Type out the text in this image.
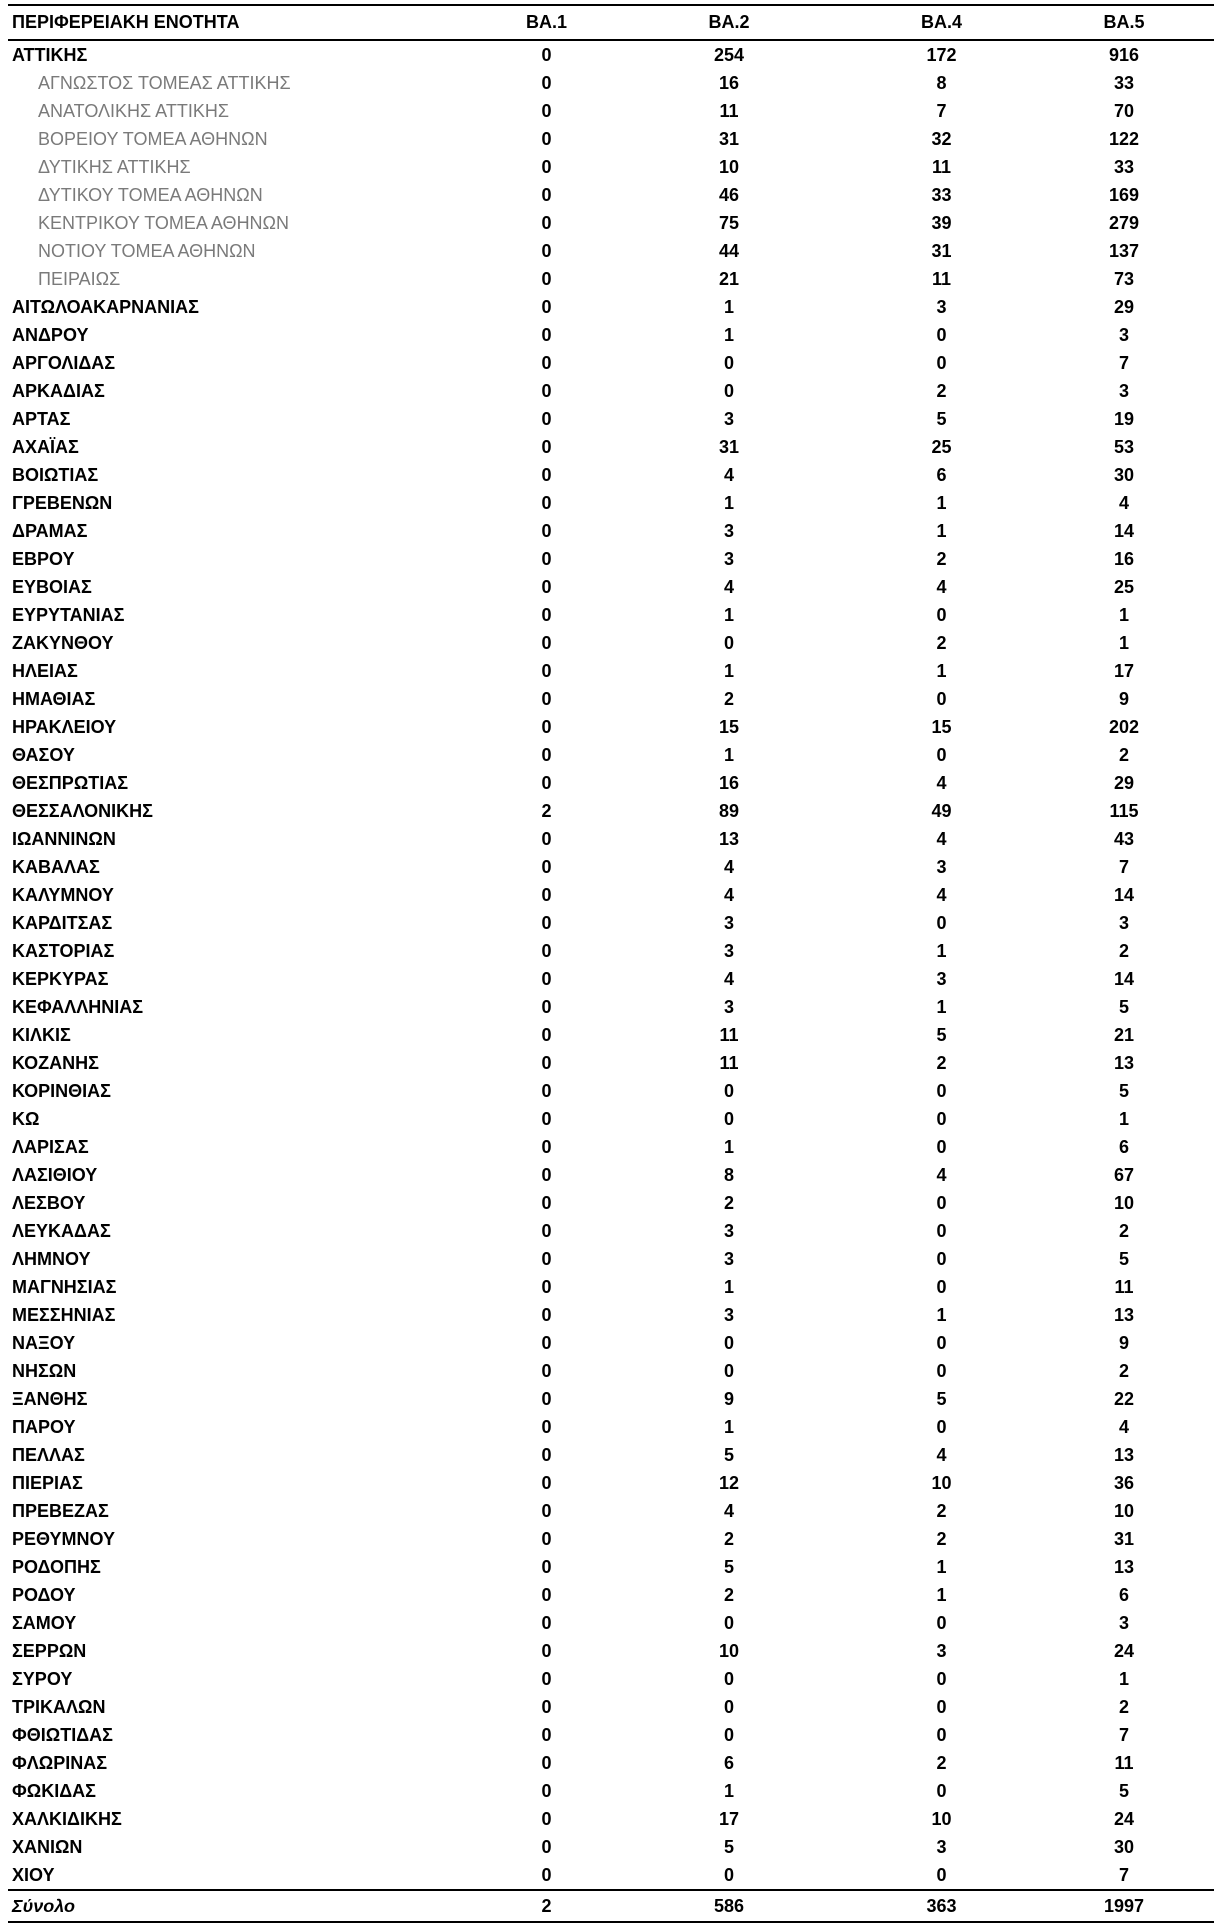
ΠΕΡΙΦΕΡΕΙΑΚΗ ΕΝΟΤΗΤΑ	BA.1	BA.2	BA.4	BA.5
ΑΤΤΙΚΗΣ	0	254	172	916
ΑΓΝΩΣΤΟΣ ΤΟΜΕΑΣ ΑΤΤΙΚΗΣ	0	16	8	33
ΑΝΑΤΟΛΙΚΗΣ ΑΤΤΙΚΗΣ	0	11	7	70
ΒΟΡΕΙΟΥ ΤΟΜΕΑ ΑΘΗΝΩΝ	0	31	32	122
ΔΥΤΙΚΗΣ ΑΤΤΙΚΗΣ	0	10	11	33
ΔΥΤΙΚΟΥ ΤΟΜΕΑ ΑΘΗΝΩΝ	0	46	33	169
ΚΕΝΤΡΙΚΟΥ ΤΟΜΕΑ ΑΘΗΝΩΝ	0	75	39	279
ΝΟΤΙΟΥ ΤΟΜΕΑ ΑΘΗΝΩΝ	0	44	31	137
ΠΕΙΡΑΙΩΣ	0	21	11	73
ΑΙΤΩΛΟΑΚΑΡΝΑΝΙΑΣ	0	1	3	29
ΑΝΔΡΟΥ	0	1	0	3
ΑΡΓΟΛΙΔΑΣ	0	0	0	7
ΑΡΚΑΔΙΑΣ	0	0	2	3
ΑΡΤΑΣ	0	3	5	19
ΑΧΑΪΑΣ	0	31	25	53
ΒΟΙΩΤΙΑΣ	0	4	6	30
ΓΡΕΒΕΝΩΝ	0	1	1	4
ΔΡΑΜΑΣ	0	3	1	14
ΕΒΡΟΥ	0	3	2	16
ΕΥΒΟΙΑΣ	0	4	4	25
ΕΥΡΥΤΑΝΙΑΣ	0	1	0	1
ΖΑΚΥΝΘΟΥ	0	0	2	1
ΗΛΕΙΑΣ	0	1	1	17
ΗΜΑΘΙΑΣ	0	2	0	9
ΗΡΑΚΛΕΙΟΥ	0	15	15	202
ΘΑΣΟΥ	0	1	0	2
ΘΕΣΠΡΩΤΙΑΣ	0	16	4	29
ΘΕΣΣΑΛΟΝΙΚΗΣ	2	89	49	115
ΙΩΑΝΝΙΝΩΝ	0	13	4	43
ΚΑΒΑΛΑΣ	0	4	3	7
ΚΑΛΥΜΝΟΥ	0	4	4	14
ΚΑΡΔΙΤΣΑΣ	0	3	0	3
ΚΑΣΤΟΡΙΑΣ	0	3	1	2
ΚΕΡΚΥΡΑΣ	0	4	3	14
ΚΕΦΑΛΛΗΝΙΑΣ	0	3	1	5
ΚΙΛΚΙΣ	0	11	5	21
ΚΟΖΑΝΗΣ	0	11	2	13
ΚΟΡΙΝΘΙΑΣ	0	0	0	5
ΚΩ	0	0	0	1
ΛΑΡΙΣΑΣ	0	1	0	6
ΛΑΣΙΘΙΟΥ	0	8	4	67
ΛΕΣΒΟΥ	0	2	0	10
ΛΕΥΚΑΔΑΣ	0	3	0	2
ΛΗΜΝΟΥ	0	3	0	5
ΜΑΓΝΗΣΙΑΣ	0	1	0	11
ΜΕΣΣΗΝΙΑΣ	0	3	1	13
ΝΑΞΟΥ	0	0	0	9
ΝΗΣΩΝ	0	0	0	2
ΞΑΝΘΗΣ	0	9	5	22
ΠΑΡΟΥ	0	1	0	4
ΠΕΛΛΑΣ	0	5	4	13
ΠΙΕΡΙΑΣ	0	12	10	36
ΠΡΕΒΕΖΑΣ	0	4	2	10
ΡΕΘΥΜΝΟΥ	0	2	2	31
ΡΟΔΟΠΗΣ	0	5	1	13
ΡΟΔΟΥ	0	2	1	6
ΣΑΜΟΥ	0	0	0	3
ΣΕΡΡΩΝ	0	10	3	24
ΣΥΡΟΥ	0	0	0	1
ΤΡΙΚΑΛΩΝ	0	0	0	2
ΦΘΙΩΤΙΔΑΣ	0	0	0	7
ΦΛΩΡΙΝΑΣ	0	6	2	11
ΦΩΚΙΔΑΣ	0	1	0	5
ΧΑΛΚΙΔΙΚΗΣ	0	17	10	24
ΧΑΝΙΩΝ	0	5	3	30
ΧΙΟΥ	0	0	0	7
Σύνολο	2	586	363	1997
